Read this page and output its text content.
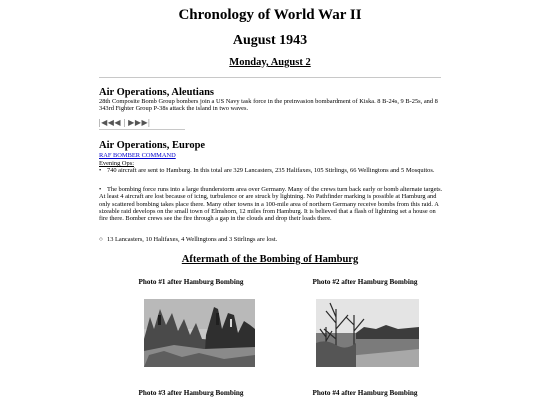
Chronology of World War II
August 1943
Monday, August 2
Air Operations, Aleutians
28th Composite Bomb Group bombers join a US Navy task force in the preinvasion bombardment of Kiska. 8 B-24s, 9 B-25s, and 8 343rd Fighter Group P-38s attack the island in two waves.
|◀◀◀ | ▶▶▶|
Air Operations, Europe
RAF BOMBER COMMAND
Evening Ops:
• 740 aircraft are sent to Hamburg. In this total are 329 Lancasters, 235 Halifaxes, 105 Stirlings, 66 Wellingtons and 5 Mosquitos.
• The bombing force runs into a large thunderstorm area over Germany. Many of the crews turn back early or bomb alternate targets. At least 4 aircraft are lost because of icing, turbulence or are struck by lightning. No Pathfinder marking is possible at Hamburg and only scattered bombing takes place there. Many other towns in a 100-mile area of northern Germany receive bombs from this raid. A sizeable raid develops on the small town of Elmshorn, 12 miles from Hamburg. It is believed that a flash of lightning set a house on fire there. Bomber crews see the fire through a gap in the clouds and drop their loads there.
○ 13 Lancasters, 10 Halifaxes, 4 Wellingtons and 3 Stirlings are lost.
Aftermath of the Bombing of Hamburg
Photo #1 after Hamburg Bombing	Photo #2 after Hamburg Bombing
Photo #3 after Hamburg Bombing	Photo #4 after Hamburg Bombing
